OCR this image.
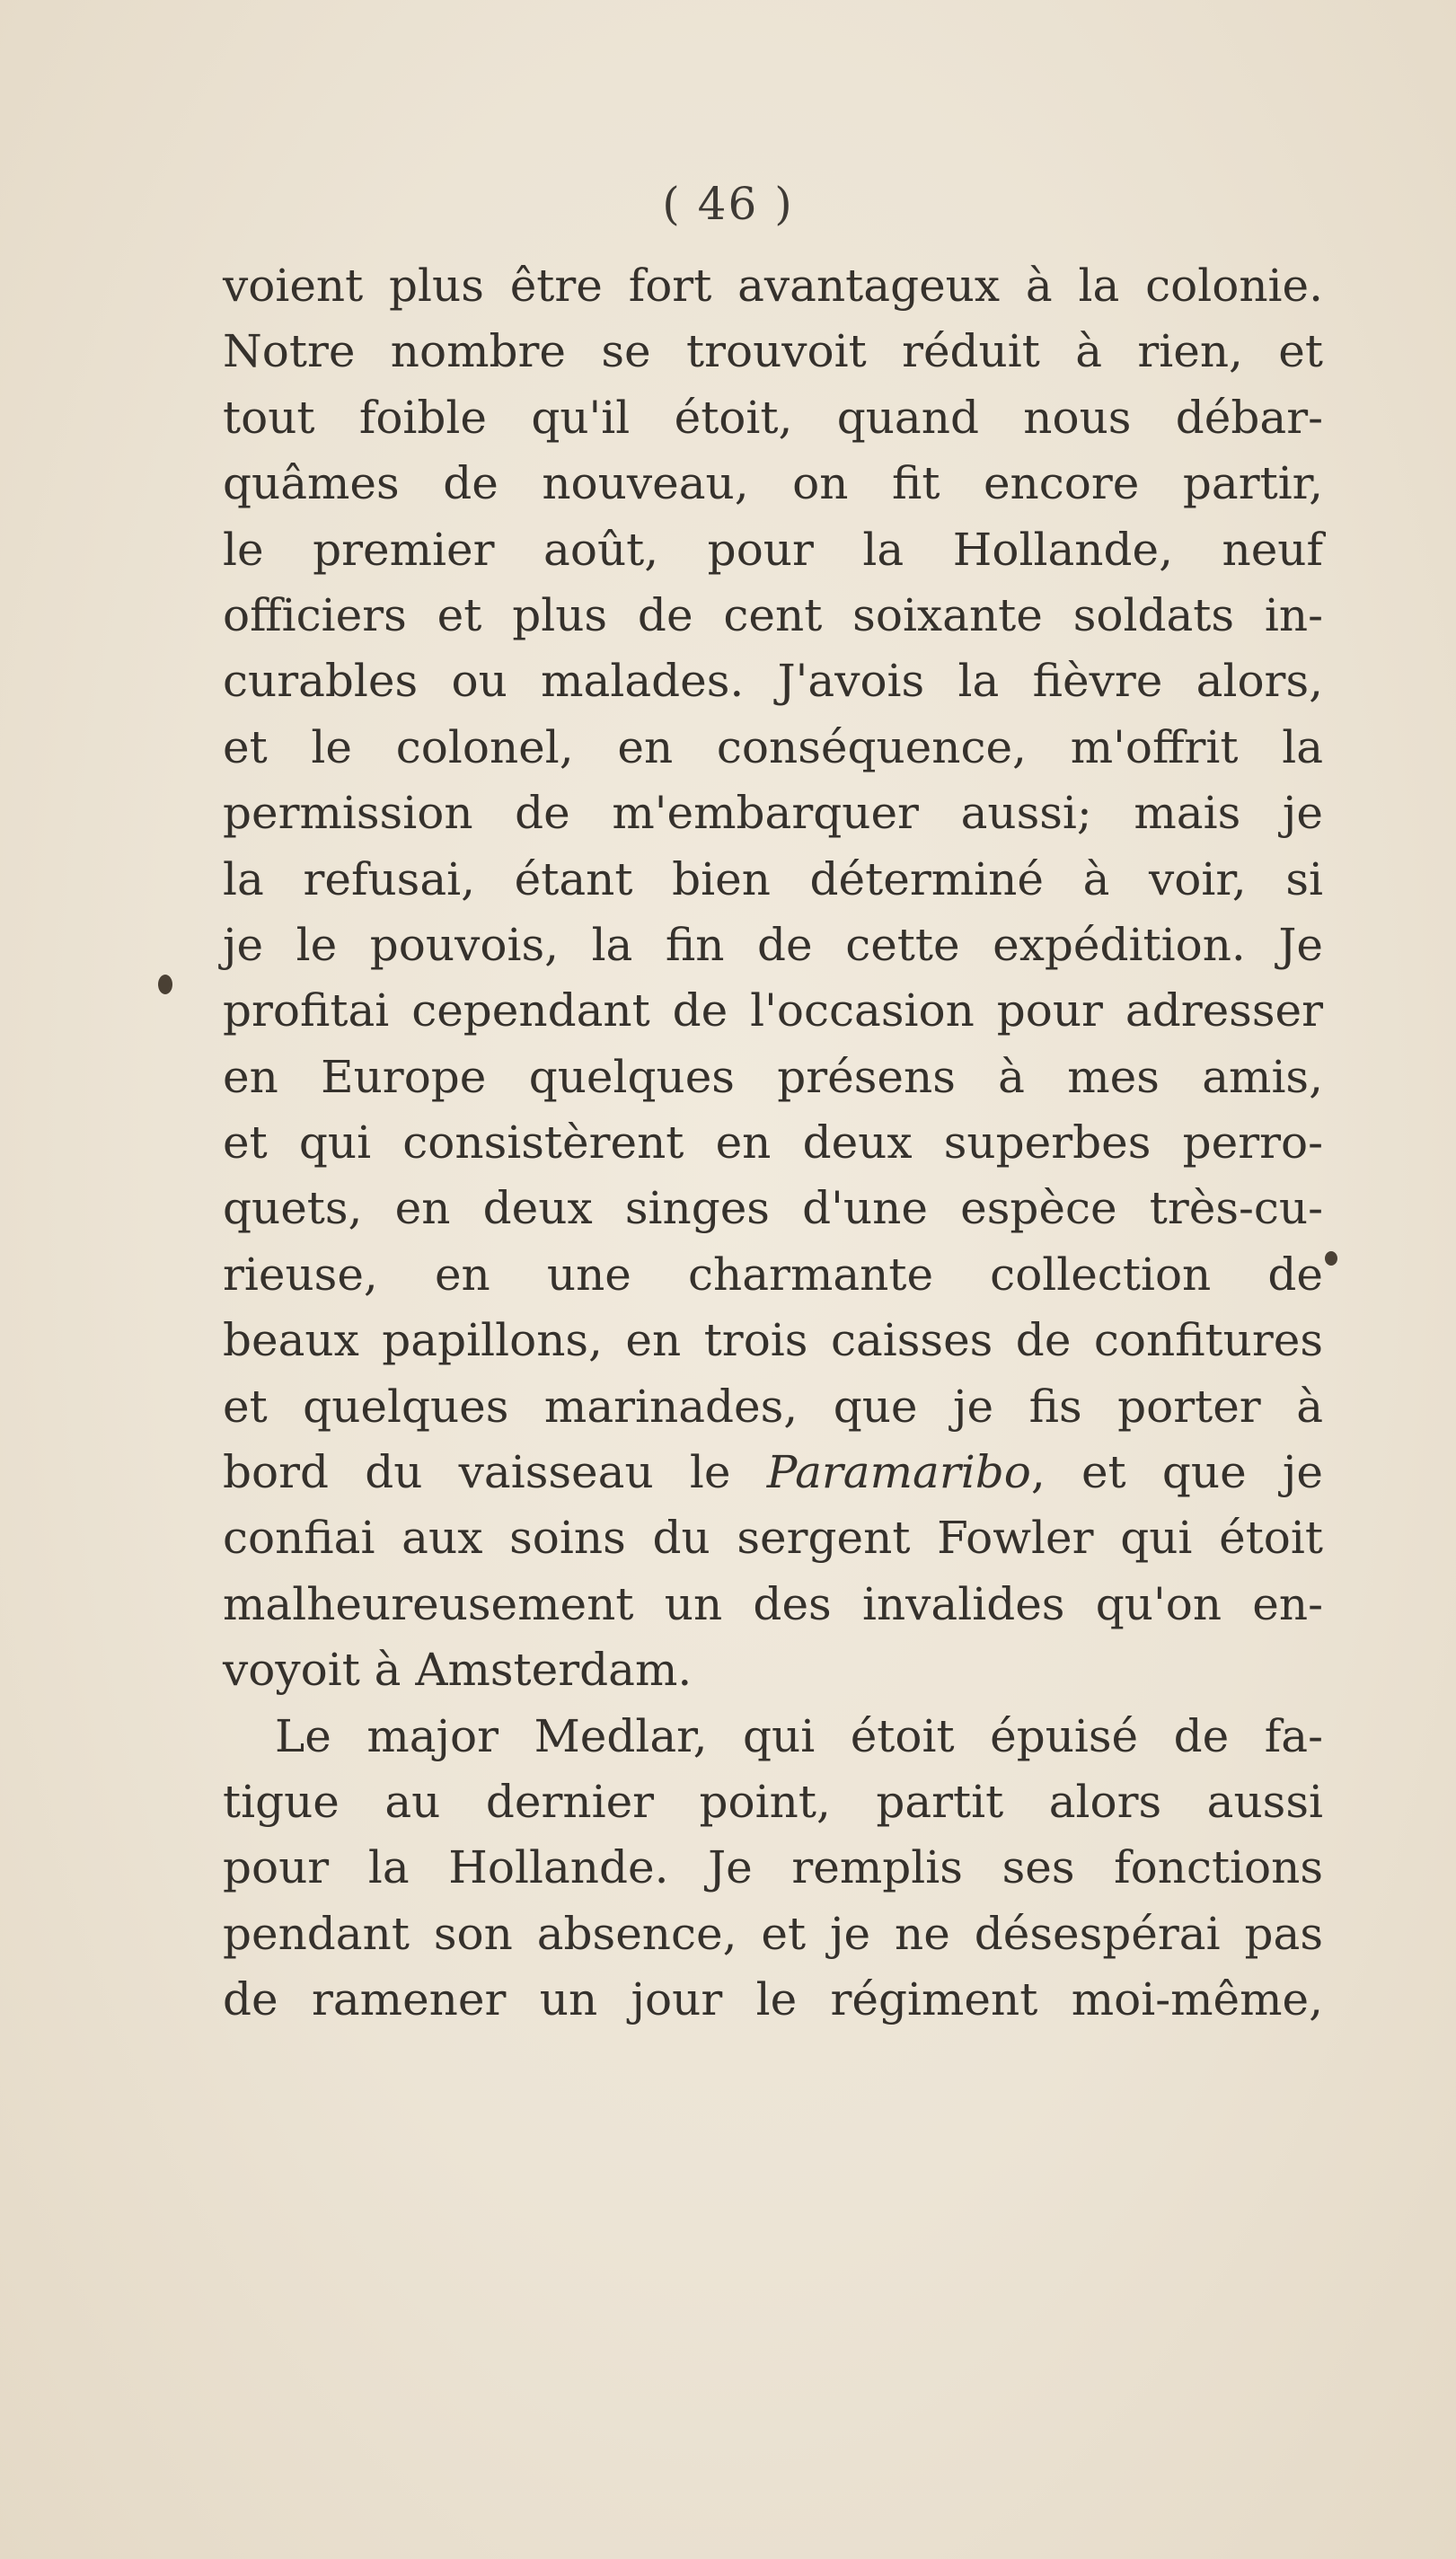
( 46 )
voient plus être fort avantageux à la colonie.
Notre nombre se trouvoit réduit à rien, et
tout foible qu'il étoit, quand nous débar-
quâmes de nouveau, on fit encore partir,
le premier août, pour la Hollande, neuf
officiers et plus de cent soixante soldats in-
curables ou malades. J'avois la fièvre alors,
et le colonel, en conséquence, m'offrit la
permission de m'embarquer aussi; mais je
la refusai, étant bien déterminé à voir, si
je le pouvois, la fin de cette expédition. Je
profitai cependant de l'occasion pour adresser
en Europe quelques présens à mes amis,
et qui consistèrent en deux superbes perro-
quets, en deux singes d'une espèce très-cu-
rieuse, en une charmante collection de
beaux papillons, en trois caisses de confitures
et quelques marinades, que je fis porter à
bord du vaisseau le Paramaribo, et que je
confiai aux soins du sergent Fowler qui étoit
malheureusement un des invalides qu'on en-
voyoit à Amsterdam.
Le major Medlar, qui étoit épuisé de fa-
tigue au dernier point, partit alors aussi
pour la Hollande. Je remplis ses fonctions
pendant son absence, et je ne désespérai pas
de ramener un jour le régiment moi-même,
